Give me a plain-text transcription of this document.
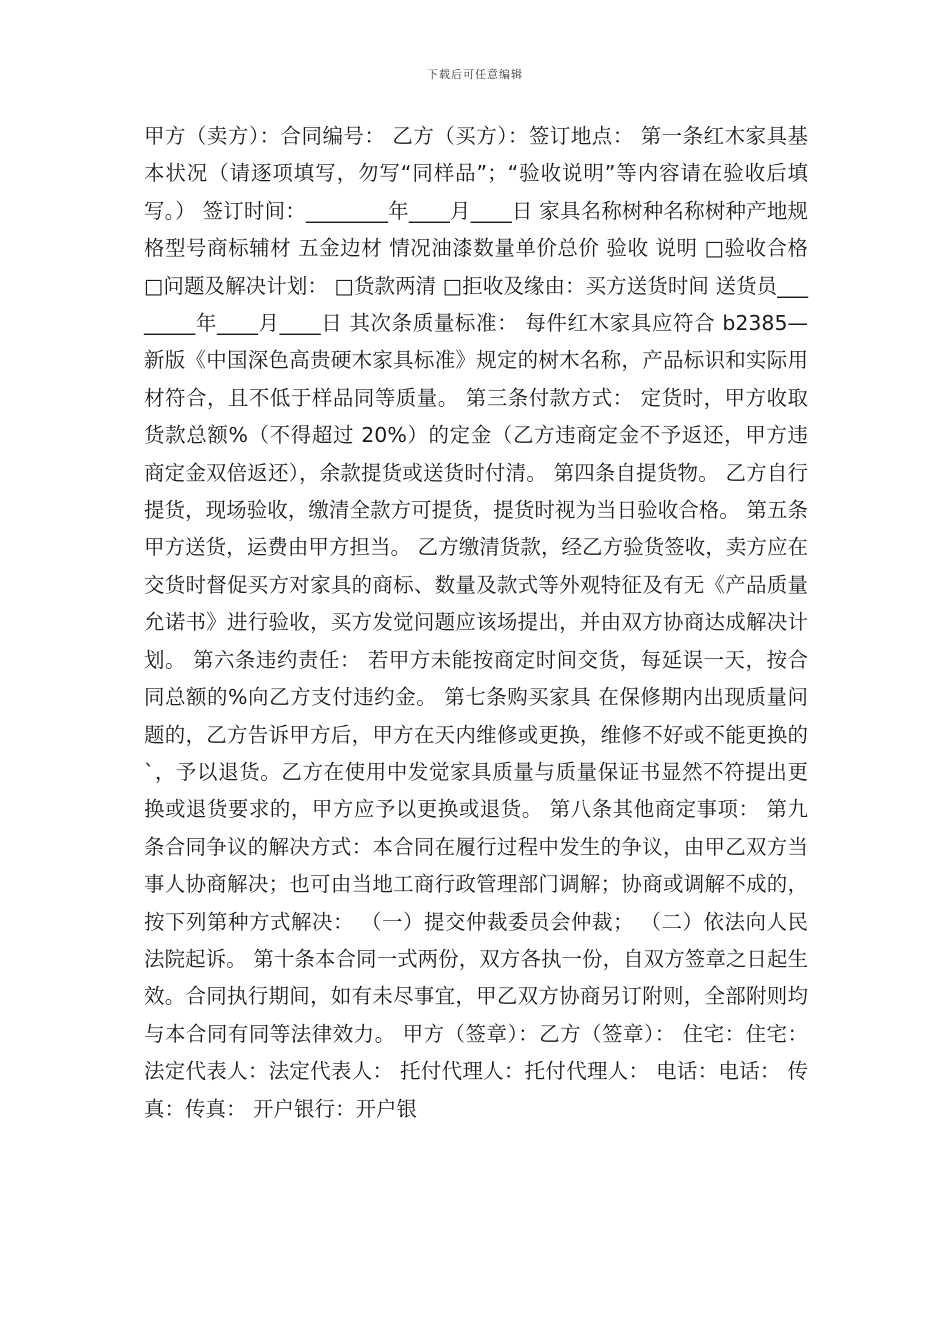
下载后可任意编辑

甲方（卖方）：合同编号： 乙方（买方）：签订地点： 第一条红木家具基本状况（请逐项填写，勿写“同样品”；“验收说明”等内容请在验收后填写。） 签订时间：________年____月____日 家具名称树种名称树种产地规格型号商标辅材 五金边材 情况油漆数量单价总价 验收 说明 □验收合格□问题及解决计划： □货款两清 □拒收及缘由：买方送货时间 送货员________年____月____日 其次条质量标准： 每件红木家具应符合 b2385—新版《中国深色高贵硬木家具标准》规定的树木名称，产品标识和实际用材符合，且不低于样品同等质量。 第三条付款方式： 定货时，甲方收取货款总额%（不得超过 20%）的定金（乙方违商定金不予返还，甲方违商定金双倍返还），余款提货或送货时付清。 第四条自提货物。 乙方自行提货，现场验收，缴清全款方可提货，提货时视为当日验收合格。 第五条甲方送货，运费由甲方担当。 乙方缴清货款，经乙方验货签收，卖方应在交货时督促买方对家具的商标、数量及款式等外观特征及有无《产品质量允诺书》进行验收，买方发觉问题应该场提出，并由双方协商达成解决计划。 第六条违约责任： 若甲方未能按商定时间交货，每延误一天，按合同总额的%向乙方支付违约金。 第七条购买家具 在保修期内出现质量问题的，乙方告诉甲方后，甲方在天内维修或更换，维修不好或不能更换的`，予以退货。乙方在使用中发觉家具质量与质量保证书显然不符提出更换或退货要求的，甲方应予以更换或退货。 第八条其他商定事项： 第九条合同争议的解决方式：本合同在履行过程中发生的争议，由甲乙双方当事人协商解决；也可由当地工商行政管理部门调解；协商或调解不成的，按下列第种方式解决： （一）提交仲裁委员会仲裁； （二）依法向人民法院起诉。 第十条本合同一式两份，双方各执一份，自双方签章之日起生效。合同执行期间，如有未尽事宜，甲乙双方协商另订附则，全部附则均与本合同有同等法律效力。 甲方（签章）：乙方（签章）： 住宅：住宅： 法定代表人：法定代表人： 托付代理人：托付代理人： 电话：电话： 传真：传真： 开户银行：开户银
